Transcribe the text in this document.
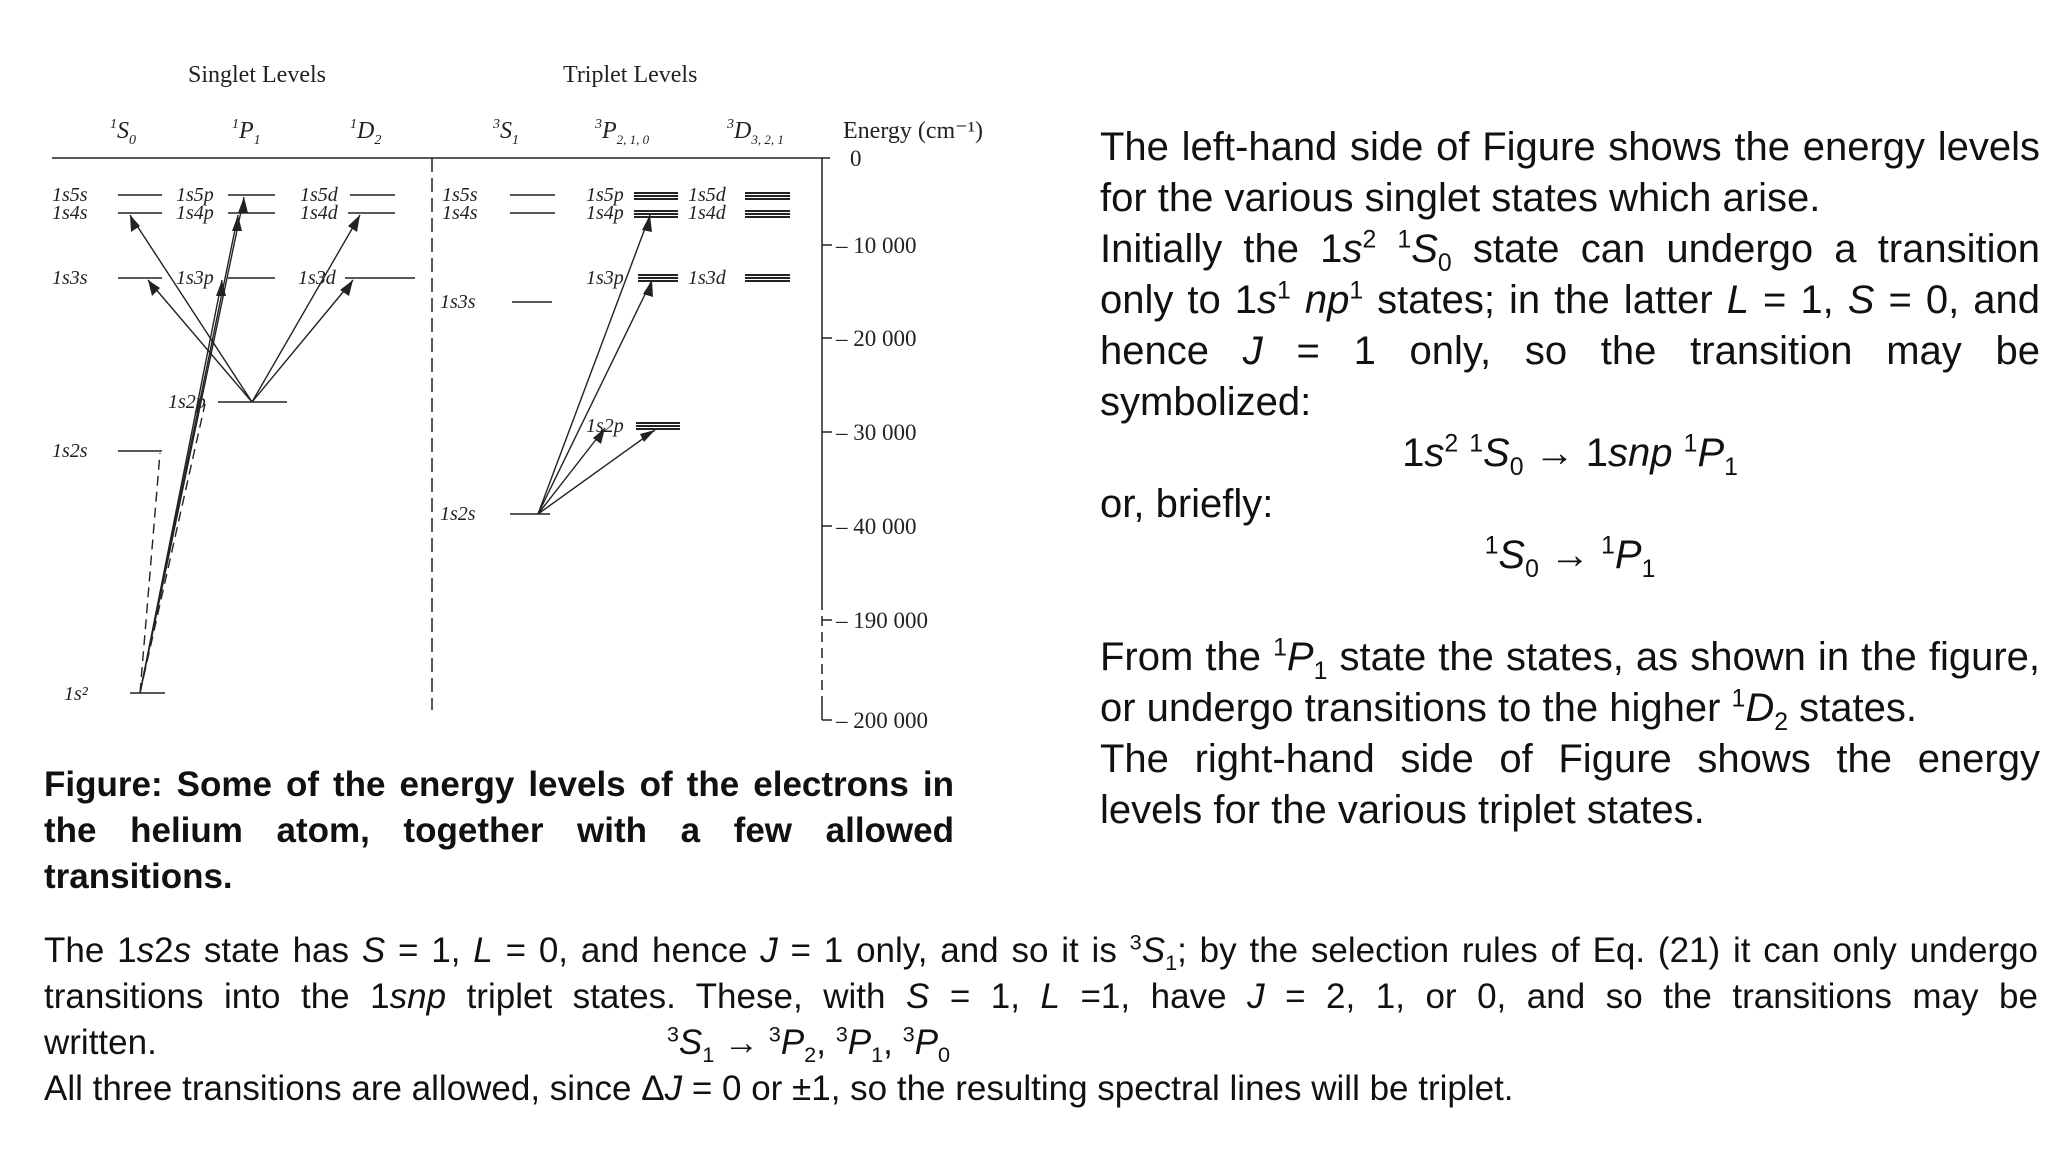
Singlet Levels	Triplet Levels
$^1S_0$
$^1P_1$
$^1D_2$
$^3S_1$
$^3P_{2, 1, 0}$
$^3D_{3, 2, 1}$ Energy (cm⁻¹)
0
– 10 000
– 20 000
– 30 000
– 40 000
– 190 000
– 200 000
1s5s
1s4s
1s3s
1s2s
1s²
1s5p
1s4p
1s3p
1s2p
1s5d
1s4d
1s3d
1s5s
1s4s
1s3s
1s2s
1s5p
1s4p
1s3p
1s2p
1s5d
1s4d
1s3d
Figure: Some of the energy levels of the electrons in the helium atom, together with a few allowed transitions.

The left-hand side of Figure shows the energy levels for the various singlet states which arise.

Initially the $1s^2$ $^1S_0$ state can undergo a transition only to $1s^1$ $np^1$ states; in the latter L = 1, S = 0, and hence J = 1 only, so the transition may be symbolized:

$1s^2$ $^1S_0 \to 1snp$ $^1P_1$

or, briefly:

$^1S_0 \to ^1P_1$

From the $^1P_1$ state the states, as shown in the figure, or undergo transitions to the higher $^1D_2$ states.

The right-hand side of Figure shows the energy levels for the various triplet states.

The 1s2s state has S = 1, L = 0, and hence J = 1 only, and so it is $^3S_1$; by the selection rules of Eq. (21) it can only undergo transitions into the 1snp triplet states. These, with S = 1, L =1, have J = 2, 1, or 0, and so the transitions may be written.	$^3S_1 \to ^3P_2$, $^3P_1$, $^3P_0$

All three transitions are allowed, since ΔJ = 0 or ±1, so the resulting spectral lines will be triplet.
